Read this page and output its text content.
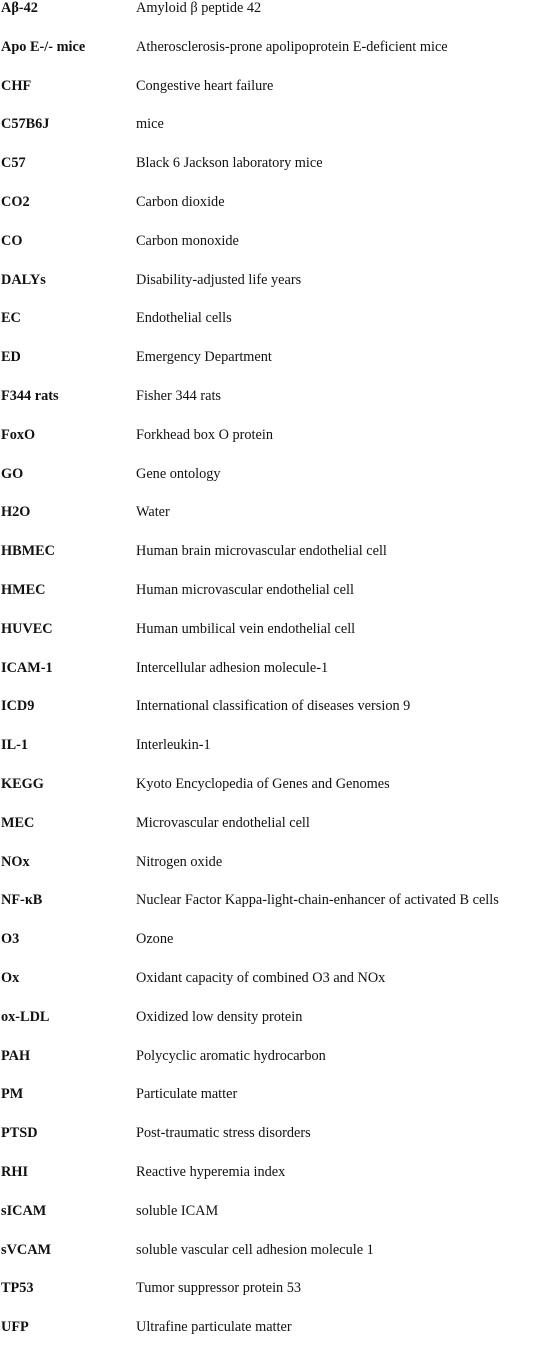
Aβ-42	Amyloid β peptide 42
Apo E-/- mice	Atherosclerosis-prone apolipoprotein E-deficient mice
CHF	Congestive heart failure
C57B6J	mice
C57	Black 6 Jackson laboratory mice
CO2	Carbon dioxide
CO	Carbon monoxide
DALYs	Disability-adjusted life years
EC	Endothelial cells
ED	Emergency Department
F344 rats	Fisher 344 rats
FoxO	Forkhead box O protein
GO	Gene ontology
H2O	Water
HBMEC	Human brain microvascular endothelial cell
HMEC	Human microvascular endothelial cell
HUVEC	Human umbilical vein endothelial cell
ICAM-1	Intercellular adhesion molecule-1
ICD9	International classification of diseases version 9
IL-1	Interleukin-1
KEGG	Kyoto Encyclopedia of Genes and Genomes
MEC	Microvascular endothelial cell
NOx	Nitrogen oxide
NF-κB	Nuclear Factor Kappa-light-chain-enhancer of activated B cells
O3	Ozone
Ox	Oxidant capacity of combined O3 and NOx
ox-LDL	Oxidized low density protein
PAH	Polycyclic aromatic hydrocarbon
PM	Particulate matter
PTSD	Post-traumatic stress disorders
RHI	Reactive hyperemia index
sICAM	soluble ICAM
sVCAM	soluble vascular cell adhesion molecule 1
TP53	Tumor suppressor protein 53
UFP	Ultrafine particulate matter
